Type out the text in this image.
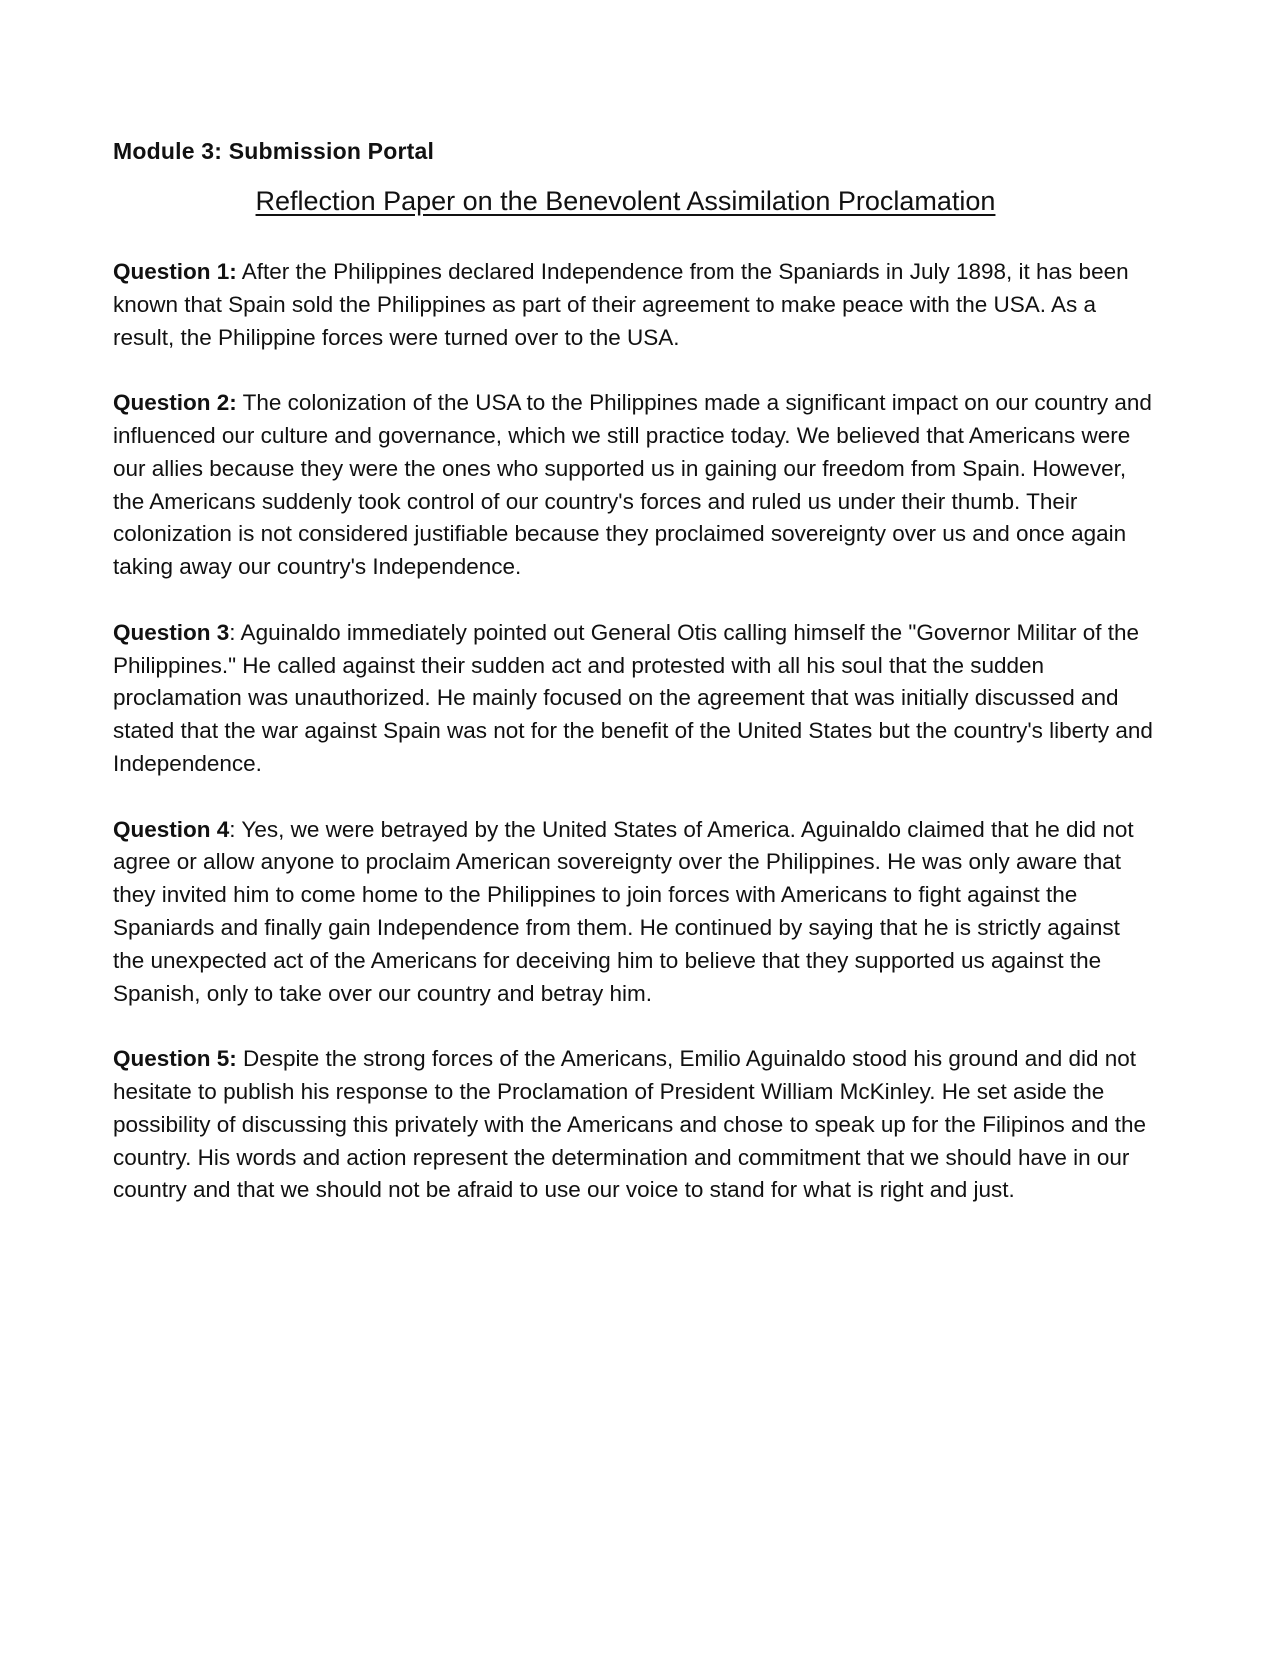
Module 3: Submission Portal

Reflection Paper on the Benevolent Assimilation Proclamation

Question 1: After the Philippines declared Independence from the Spaniards in July 1898, it has been known that Spain sold the Philippines as part of their agreement to make peace with the USA. As a result, the Philippine forces were turned over to the USA.

Question 2: The colonization of the USA to the Philippines made a significant impact on our country and influenced our culture and governance, which we still practice today. We believed that Americans were our allies because they were the ones who supported us in gaining our freedom from Spain. However, the Americans suddenly took control of our country's forces and ruled us under their thumb. Their colonization is not considered justifiable because they proclaimed sovereignty over us and once again taking away our country's Independence.

Question 3: Aguinaldo immediately pointed out General Otis calling himself the "Governor Militar of the Philippines." He called against their sudden act and protested with all his soul that the sudden proclamation was unauthorized. He mainly focused on the agreement that was initially discussed and stated that the war against Spain was not for the benefit of the United States but the country's liberty and Independence.

Question 4: Yes, we were betrayed by the United States of America. Aguinaldo claimed that he did not agree or allow anyone to proclaim American sovereignty over the Philippines. He was only aware that they invited him to come home to the Philippines to join forces with Americans to fight against the Spaniards and finally gain Independence from them. He continued by saying that he is strictly against the unexpected act of the Americans for deceiving him to believe that they supported us against the Spanish, only to take over our country and betray him.

Question 5: Despite the strong forces of the Americans, Emilio Aguinaldo stood his ground and did not hesitate to publish his response to the Proclamation of President William McKinley. He set aside the possibility of discussing this privately with the Americans and chose to speak up for the Filipinos and the country. His words and action represent the determination and commitment that we should have in our country and that we should not be afraid to use our voice to stand for what is right and just.
